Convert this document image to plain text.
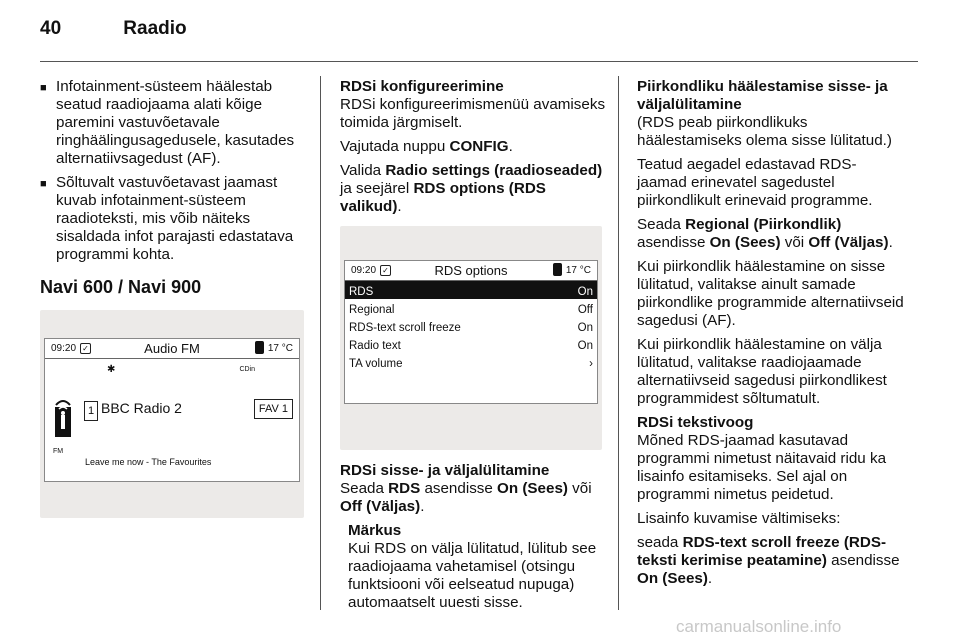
40	Raadio
■ Infotainment-süsteem häälestab seatud raadiojaama alati kõige paremini vastuvõetavale ringhäälingusagedusele, kasutades alternatiivsagedust (AF).
■ Sõltuvalt vastuvõetavast jaamast kuvab infotainment-süsteem raadioteksti, mis võib näiteks sisaldada infot parajasti edastatava programmi kohta.
Navi 600 / Navi 900
09:20 ✓	Audio FM	17 °C
✱	CDin
1 BBC Radio 2	FAV 1
FM
Leave me now - The Favourites
RDSi konfigureerimine

RDSi konfigureerimismenüü avamiseks toimida järgmiselt.

Vajutada nuppu CONFIG.

Valida Radio settings (raadioseaded) ja seejärel RDS options (RDS valikud).

09:20 ✓	RDS options	17 °C
RDS	On
Regional	Off
RDS-text scroll freeze	On
Radio text	On
TA volume	›
RDSi sisse- ja väljalülitamine

Seada RDS asendisse On (Sees) või Off (Väljas).

Märkus
Kui RDS on välja lülitatud, lülitub see raadiojaama vahetamisel (otsingu funktsiooni või eelseatud nupuga) automaatselt uuesti sisse.
Piirkondliku häälestamise sisse- ja väljalülitamine

(RDS peab piirkondlikuks häälestamiseks olema sisse lülitatud.)

Teatud aegadel edastavad RDS-jaamad erinevatel sagedustel piirkondlikult erinevaid programme.

Seada Regional (Piirkondlik) asendisse On (Sees) või Off (Väljas).

Kui piirkondlik häälestamine on sisse lülitatud, valitakse ainult samade piirkondlike programmide alternatiivseid sagedusi (AF).

Kui piirkondlik häälestamine on välja lülitatud, valitakse raadiojaamade alternatiivseid sagedusi piirkondlikest programmidest sõltumatult.

RDSi tekstivoog

Mõned RDS-jaamad kasutavad programmi nimetust näitavaid ridu ka lisainfo esitamiseks. Sel ajal on programmi nimetus peidetud.

Lisainfo kuvamise vältimiseks:

seada RDS-text scroll freeze (RDS-teksti kerimise peatamine) asendisse On (Sees).

carmanualsonline.info
